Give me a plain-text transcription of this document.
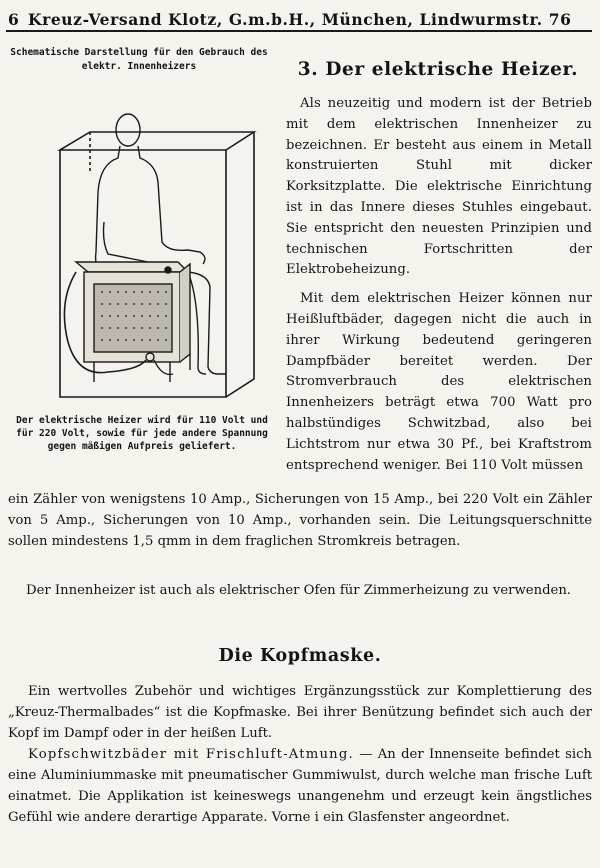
6 Kreuz-Versand Klotz, G.m.b.H., München, Lindwurmstr. 76
Schematische Darstellung für den Gebrauch des elektr. Innenheizers
Der elektrische Heizer wird für 110 Volt und für 220 Volt, sowie für jede andere Spannung gegen mäßigen Aufpreis geliefert.
3. Der elektrische Heizer.

Als neuzeitig und modern ist der Betrieb mit dem elektrischen Innenheizer zu bezeichnen. Er besteht aus einem in Metall konstruierten Stuhl mit dicker Korksitzplatte. Die elektrische Einrichtung ist in das Innere dieses Stuhles eingebaut. Sie entspricht den neuesten Prinzipien und technischen Fortschritten der Elektrobeheizung.

Mit dem elektrischen Heizer können nur Heißluftbäder, dagegen nicht die auch in ihrer Wirkung bedeutend geringeren Dampfbäder bereitet werden. Der Stromverbrauch des elektrischen Innenheizers beträgt etwa 700 Watt pro halbstündiges Schwitzbad, also bei Lichtstrom nur etwa 30 Pf., bei Kraftstrom entsprechend weniger. Bei 110 Volt müssen

ein Zähler von wenigstens 10 Amp., Sicherungen von 15 Amp., bei 220 Volt ein Zähler von 5 Amp., Sicherungen von 10 Amp., vorhanden sein. Die Leitungsquerschnitte sollen mindestens 1,5 qmm in dem fraglichen Stromkreis betragen.
Der Innenheizer ist auch als elektrischer Ofen für Zimmerheizung zu verwenden.
Die Kopfmaske.

Ein wertvolles Zubehör und wichtiges Ergänzungsstück zur Komplettierung des „Kreuz-Thermalbades“ ist die Kopfmaske. Bei ihrer Benützung befindet sich auch der Kopf im Dampf oder in der heißen Luft.

Kopfschwitzbäder mit Frischluft-Atmung. — An der Innenseite befindet sich eine Aluminiummaske mit pneumatischer Gummiwulst, durch welche man frische Luft einatmet. Die Applikation ist keineswegs unangenehm und erzeugt kein ängstliches Gefühl wie andere derartige Apparate. Vorne i ein Glasfenster angeordnet.
